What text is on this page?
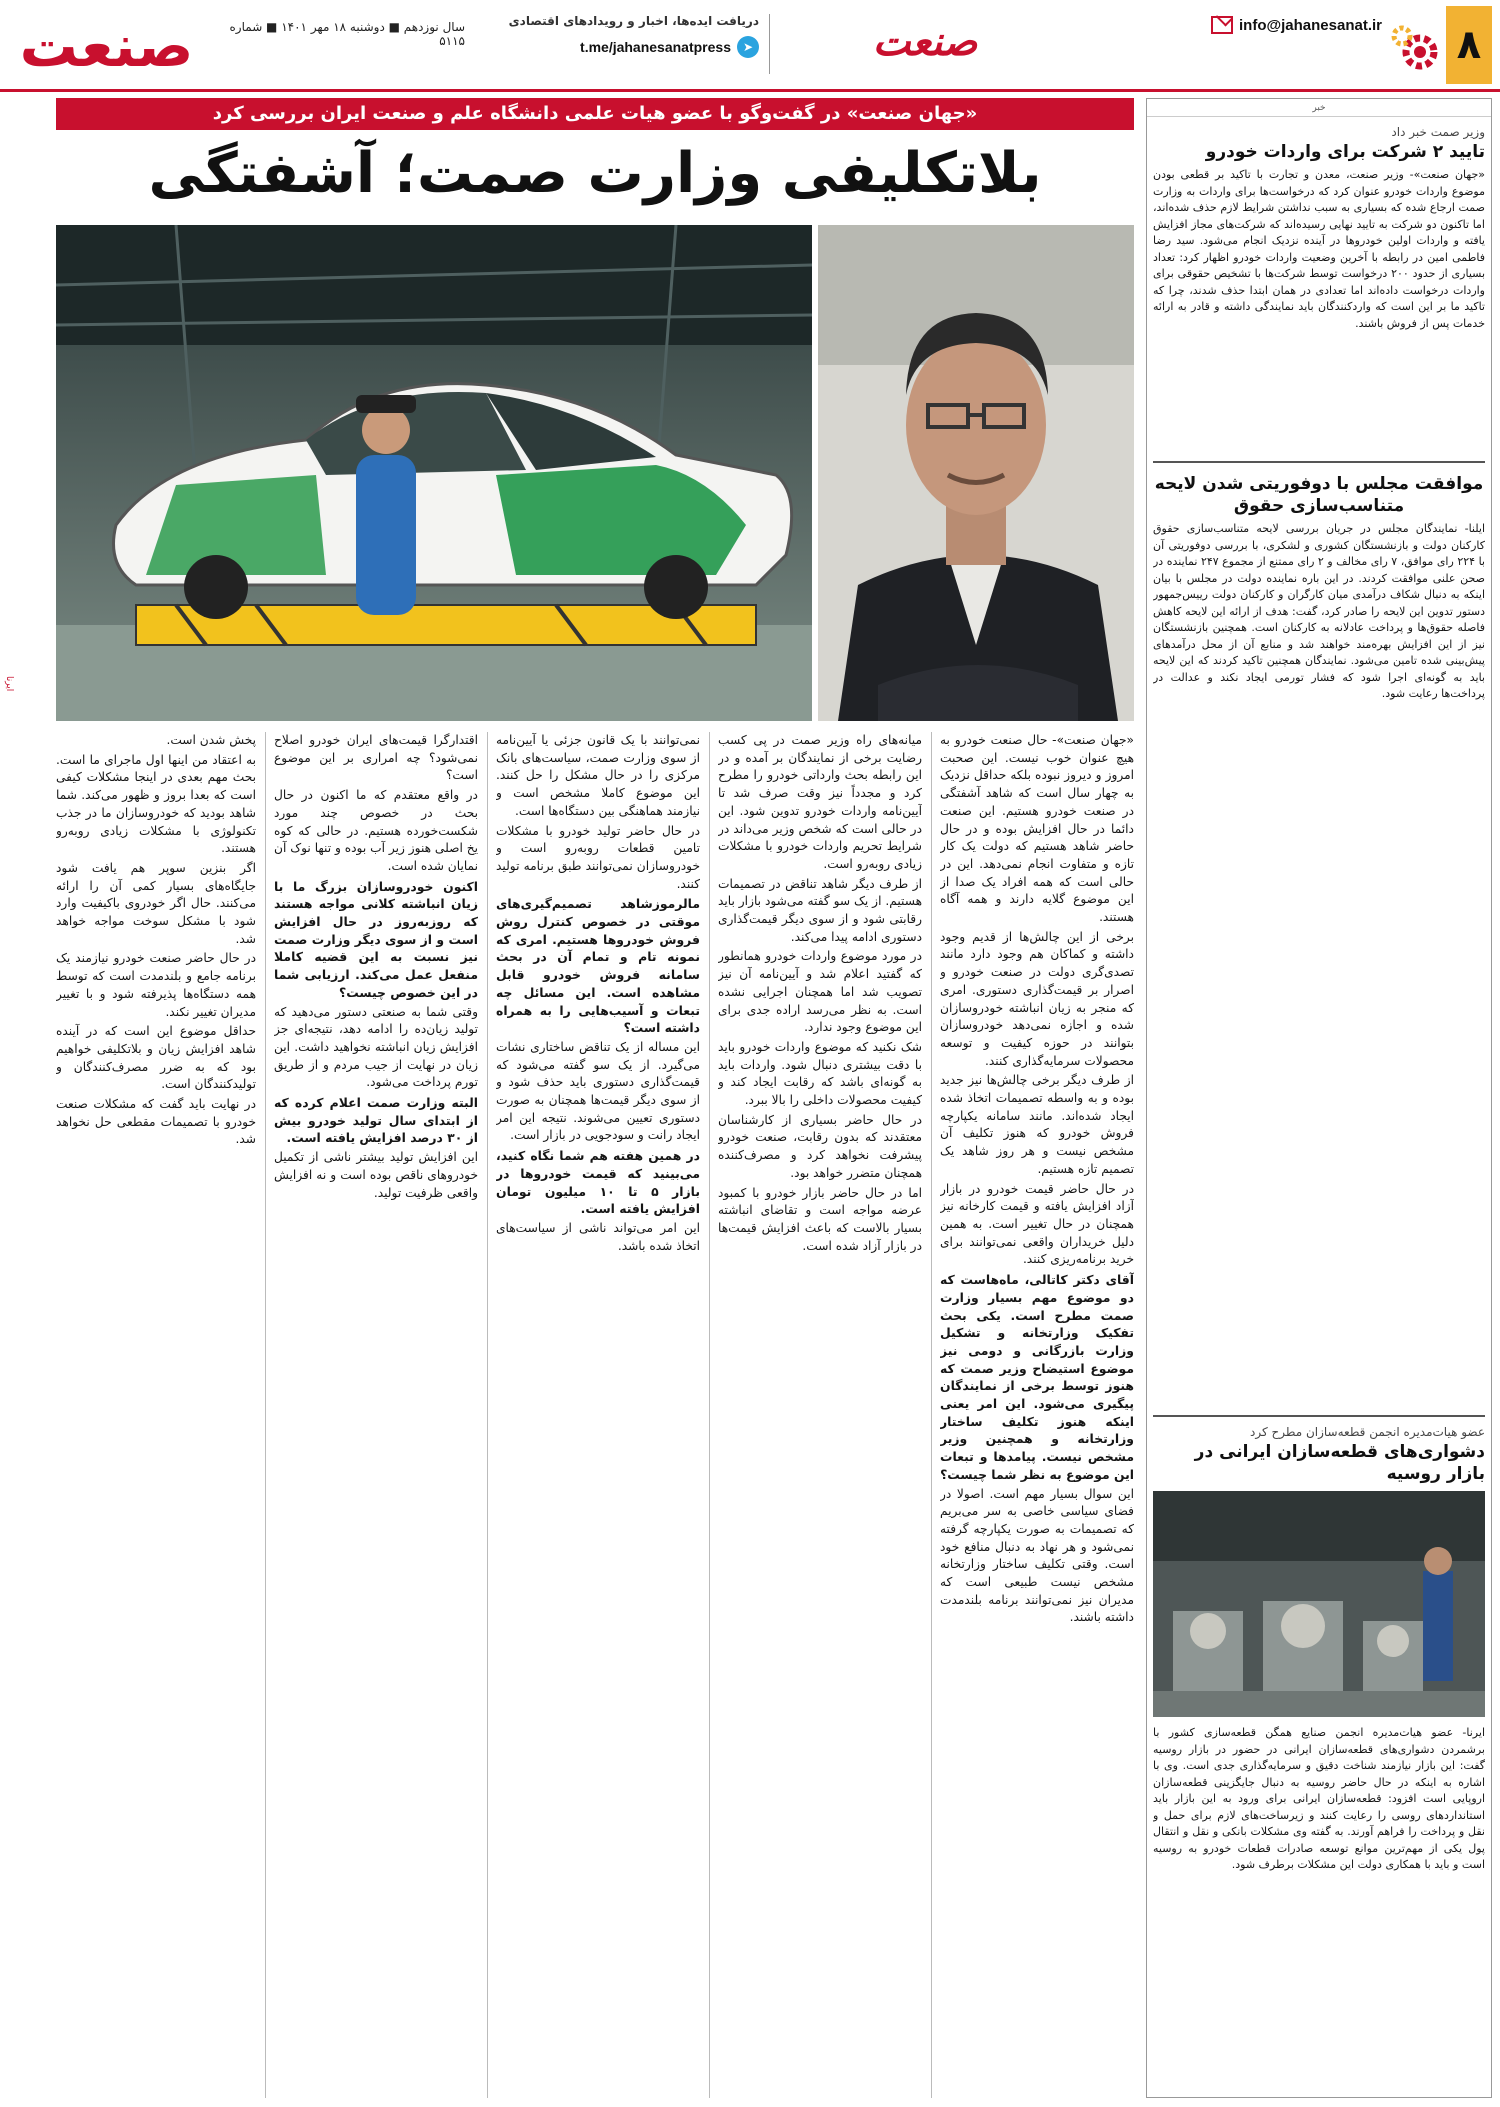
۸
info@jahanesanat.ir
صنعت
دریافت ایده‌ها، اخبار و رویدادهای اقتصادی
➤
t.me/jahanesanatpress
سال نوزدهم ■ دوشنبه ۱۸ مهر ۱۴۰۱ ■ شماره ۵۱۱۵
صنعت
«جهان صنعت» در گفت‌وگو با عضو هیات علمی دانشگاه علم و صنعت ایران بررسی کرد
بلاتکلیفی وزارت صمت؛ آشفتگی
ایرنا

«جهان صنعت»- حال صنعت خودرو به هیچ عنوان خوب نیست. این صحبت امروز و دیروز نبوده بلکه حداقل نزدیک به چهار سال است که شاهد آشفتگی در صنعت خودرو هستیم. این صنعت دائما در حال افزایش بوده و در حال حاضر شاهد هستیم که دولت یک کار تازه و متفاوت انجام نمی‌دهد. این در حالی است که همه افراد یک صدا از این موضوع گلایه دارند و همه آگاه هستند.

برخی از این چالش‌ها از قدیم وجود داشته و کماکان هم وجود دارد مانند تصدی‌گری دولت در صنعت خودرو و اصرار بر قیمت‌گذاری دستوری. امری که منجر به زیان انباشته خودروسازان شده و اجازه نمی‌دهد خودروسازان بتوانند در حوزه کیفیت و توسعه محصولات سرمایه‌گذاری کنند.

از طرف دیگر برخی چالش‌ها نیز جدید بوده و به واسطه تصمیمات اتخاذ شده ایجاد شده‌اند. مانند سامانه یکپارچه فروش خودرو که هنوز تکلیف آن مشخص نیست و هر روز شاهد یک تصمیم تازه هستیم.

در حال حاضر قیمت خودرو در بازار آزاد افزایش یافته و قیمت کارخانه نیز همچنان در حال تغییر است. به همین دلیل خریداران واقعی نمی‌توانند برای خرید برنامه‌ریزی کنند.

آقای دکتر کاتالی، ماه‌هاست که دو موضوع مهم بسیار وزارت صمت مطرح است. یکی بحث تفکیک وزارتخانه و تشکیل وزارت بازرگانی و دومی نیز موضوع استیضاح وزیر صمت که هنوز توسط برخی از نمایندگان پیگیری می‌شود. این امر یعنی اینکه هنوز تکلیف ساختار وزارتخانه و همچنین وزیر مشخص نیست. پیامدها و تبعات این موضوع به نظر شما چیست؟

این سوال بسیار مهم است. اصولا در فضای سیاسی خاصی به سر می‌بریم که تصمیمات به صورت یکپارچه گرفته نمی‌شود و هر نهاد به دنبال منافع خود است. وقتی تکلیف ساختار وزارتخانه مشخص نیست طبیعی است که مدیران نیز نمی‌توانند برنامه بلندمدت داشته باشند.

میانه‌های راه وزیر صمت در پی کسب رضایت برخی از نمایندگان بر آمده و در این رابطه بحث وارداتی خودرو را مطرح کرد و مجدداً نیز وقت صرف شد تا آیین‌نامه واردات خودرو تدوین شود. این در حالی است که شخص وزیر می‌داند در شرایط تحریم واردات خودرو با مشکلات زیادی روبه‌رو است.

از طرف دیگر شاهد تناقض در تصمیمات هستیم. از یک سو گفته می‌شود بازار باید رقابتی شود و از سوی دیگر قیمت‌گذاری دستوری ادامه پیدا می‌کند.

در مورد موضوع واردات خودرو همانطور که گفتید اعلام شد و آیین‌نامه آن نیز تصویب شد اما همچنان اجرایی نشده است. به نظر می‌رسد اراده جدی برای این موضوع وجود ندارد.

شک نکنید که موضوع واردات خودرو باید با دقت بیشتری دنبال شود. واردات باید به گونه‌ای باشد که رقابت ایجاد کند و کیفیت محصولات داخلی را بالا ببرد.

در حال حاضر بسیاری از کارشناسان معتقدند که بدون رقابت، صنعت خودرو پیشرفت نخواهد کرد و مصرف‌کننده همچنان متضرر خواهد بود.

اما در حال حاضر بازار خودرو با کمبود عرضه مواجه است و تقاضای انباشته بسیار بالاست که باعث افزایش قیمت‌ها در بازار آزاد شده است.

نمی‌توانند با یک قانون جزئی یا آیین‌نامه از سوی وزارت صمت، سیاست‌های بانک مرکزی را در حال مشکل را حل کنند. این موضوع کاملا مشخص است و نیازمند هماهنگی بین دستگاه‌ها است.

در حال حاضر تولید خودرو با مشکلات تامین قطعات روبه‌رو است و خودروسازان نمی‌توانند طبق برنامه تولید کنند.

مالرموزشاهد تصمیم‌گیری‌های موقتی در خصوص کنترل روش فروش خودروها هستیم. امری که نمونه تام و تمام آن در بحث سامانه فروش خودرو قابل مشاهده است. این مسائل چه تبعات و آسیب‌هایی را به همراه داشته است؟

این مساله از یک تناقض ساختاری نشات می‌گیرد. از یک سو گفته می‌شود که قیمت‌گذاری دستوری باید حذف شود و از سوی دیگر قیمت‌ها همچنان به صورت دستوری تعیین می‌شوند. نتیجه این امر ایجاد رانت و سودجویی در بازار است.

در همین هفته هم شما نگاه کنید، می‌بینید که قیمت خودروها در بازار ۵ تا ۱۰ میلیون تومان افزایش یافته است.

این امر می‌تواند ناشی از سیاست‌های اتخاذ شده باشد.

اقتدارگرا قیمت‌های ایران خودرو اصلاح نمی‌شود؟ چه امراری بر این موضوع است؟

در واقع معتقدم که ما اکنون در حال بحث در خصوص چند مورد شکست‌خورده هستیم. در حالی که کوه یخ اصلی هنوز زیر آب بوده و تنها نوک آن نمایان شده است.

اکنون خودروسازان بزرگ ما با زیان انباشته کلانی مواجه هستند که روزبه‌روز در حال افزایش است و از سوی دیگر وزارت صمت نیز نسبت به این قضیه کاملا منفعل عمل می‌کند. ارزیابی شما در این خصوص چیست؟

وقتی شما به صنعتی دستور می‌دهید که تولید زیان‌ده را ادامه دهد، نتیجه‌ای جز افزایش زیان انباشته نخواهید داشت. این زیان در نهایت از جیب مردم و از طریق تورم پرداخت می‌شود.

البته وزارت صمت اعلام کرده که از ابتدای سال تولید خودرو بیش از ۳۰ درصد افزایش یافته است.

این افزایش تولید بیشتر ناشی از تکمیل خودروهای ناقص بوده است و نه افزایش واقعی ظرفیت تولید.

پخش شدن است.

به اعتقاد من اینها اول ماجرای ما است. بحث مهم بعدی در اینجا مشکلات کیفی است که بعدا بروز و ظهور می‌کند. شما شاهد بودید که خودروسازان ما در جذب تکنولوژی با مشکلات زیادی روبه‌رو هستند.

اگر بنزین سوپر هم یافت شود جایگاه‌های بسیار کمی آن را ارائه می‌کنند. حال اگر خودروی باکیفیت وارد شود با مشکل سوخت مواجه خواهد شد.

در حال حاضر صنعت خودرو نیازمند یک برنامه جامع و بلندمدت است که توسط همه دستگاه‌ها پذیرفته شود و با تغییر مدیران تغییر نکند.

حداقل موضوع این است که در آینده شاهد افزایش زیان و بلاتکلیفی خواهیم بود که به ضرر مصرف‌کنندگان و تولیدکنندگان است.

در نهایت باید گفت که مشکلات صنعت خودرو با تصمیمات مقطعی حل نخواهد شد.

خبر
وزیر صمت خبر داد
تایید ۲ شرکت برای واردات خودرو
«جهان صنعت»- وزیر صنعت، معدن و تجارت با تاکید بر قطعی بودن موضوع واردات خودرو عنوان کرد که درخواست‌ها برای واردات به وزارت صمت ارجاع شده که بسیاری به سبب نداشتن شرایط لازم حذف شده‌اند، اما تاکنون دو شرکت به تایید نهایی رسیده‌اند که شرکت‌های مجاز افزایش یافته و واردات اولین خودروها در آینده نزدیک انجام می‌شود. سید رضا فاطمی امین در رابطه با آخرین وضعیت واردات خودرو اظهار کرد: تعداد بسیاری از حدود ۲۰۰ درخواست توسط شرکت‌ها با تشخیص حقوقی برای واردات درخواست داده‌اند اما تعدادی در همان ابتدا حذف شدند، چرا که تاکید ما بر این است که واردکنندگان باید نمایندگی داشته و قادر به ارائه خدمات پس از فروش باشند.
موافقت مجلس با دوفوریتی شدن لایحه متناسب‌سازی حقوق
ایلنا- نمایندگان مجلس در جریان بررسی لایحه متناسب‌سازی حقوق کارکنان دولت و بازنشستگان کشوری و لشکری، با بررسی دوفوریتی آن با ۲۲۴ رای موافق، ۷ رای مخالف و ۲ رای ممتنع از مجموع ۲۴۷ نماینده در صحن علنی موافقت کردند. در این باره نماینده دولت در مجلس با بیان اینکه به دنبال شکاف درآمدی میان کارگران و کارکنان دولت رییس‌جمهور دستور تدوین این لایحه را صادر کرد، گفت: هدف از ارائه این لایحه کاهش فاصله حقوق‌ها و پرداخت عادلانه به کارکنان است. همچنین بازنشستگان نیز از این افزایش بهره‌مند خواهند شد و منابع آن از محل درآمدهای پیش‌بینی شده تامین می‌شود. نمایندگان همچنین تاکید کردند که این لایحه باید به گونه‌ای اجرا شود که فشار تورمی ایجاد نکند و عدالت در پرداخت‌ها رعایت شود.
عضو هیات‌مدیره انجمن قطعه‌سازان مطرح کرد
دشواری‌های قطعه‌سازان ایرانی در بازار روسیه
ایرنا- عضو هیات‌مدیره انجمن صنایع همگن قطعه‌سازی کشور با برشمردن دشواری‌های قطعه‌سازان ایرانی در حضور در بازار روسیه گفت: این بازار نیازمند شناخت دقیق و سرمایه‌گذاری جدی است. وی با اشاره به اینکه در حال حاضر روسیه به دنبال جایگزینی قطعه‌سازان اروپایی است افزود: قطعه‌سازان ایرانی برای ورود به این بازار باید استانداردهای روسی را رعایت کنند و زیرساخت‌های لازم برای حمل و نقل و پرداخت را فراهم آورند. به گفته وی مشکلات بانکی و نقل و انتقال پول یکی از مهم‌ترین موانع توسعه صادرات قطعات خودرو به روسیه است و باید با همکاری دولت این مشکلات برطرف شود.
